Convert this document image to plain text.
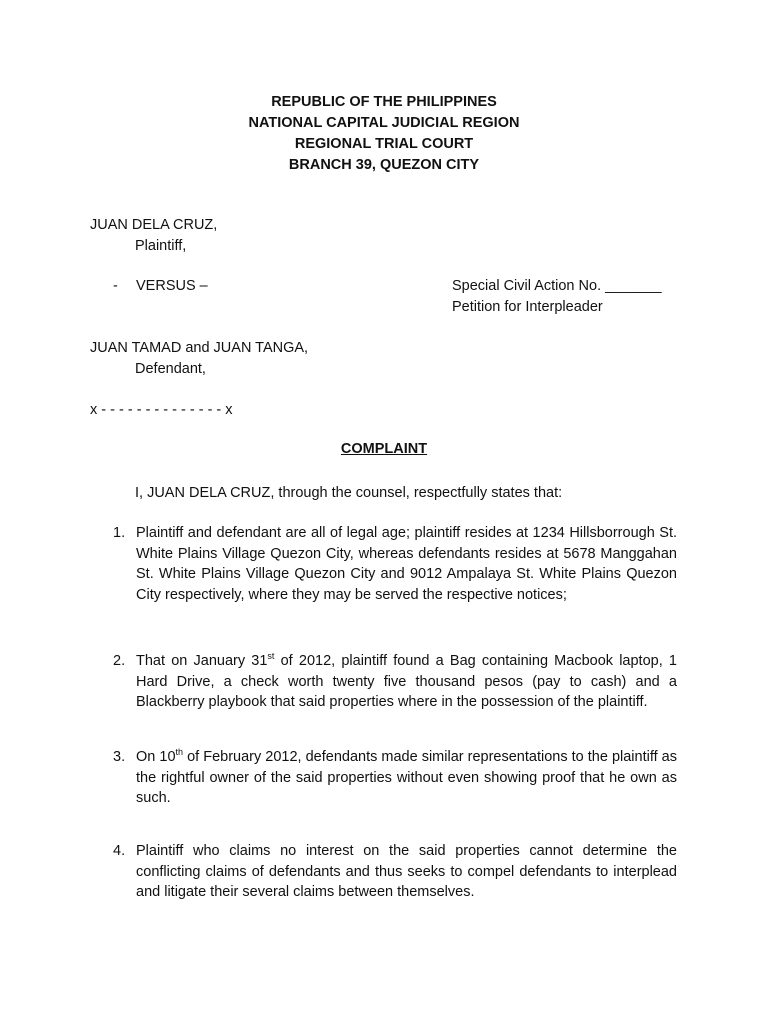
REPUBLIC OF THE PHILIPPINES
NATIONAL CAPITAL JUDICIAL REGION
REGIONAL TRIAL COURT
BRANCH 39, QUEZON CITY
JUAN DELA CRUZ,
Plaintiff,
- VERSUS –	Special Civil Action No. _______
Petition for Interpleader
JUAN TAMAD and JUAN TANGA,
Defendant,
x - - - - - - - - - - - - - - x
COMPLAINT
I, JUAN DELA CRUZ, through the counsel, respectfully states that:
1. Plaintiff and defendant are all of legal age; plaintiff resides at 1234 Hillsborrough St. White Plains Village Quezon City, whereas defendants resides at 5678 Manggahan St. White Plains Village Quezon City and 9012 Ampalaya St. White Plains Quezon City respectively, where they may be served the respective notices;
2. That on January 31st of 2012, plaintiff found a Bag containing Macbook laptop, 1 Hard Drive, a check worth twenty five thousand pesos (pay to cash) and a Blackberry playbook that said properties where in the possession of the plaintiff.
3. On 10th of February 2012, defendants made similar representations to the plaintiff as the rightful owner of the said properties without even showing proof that he own as such.
4. Plaintiff who claims no interest on the said properties cannot determine the conflicting claims of defendants and thus seeks to compel defendants to interplead and litigate their several claims between themselves.
